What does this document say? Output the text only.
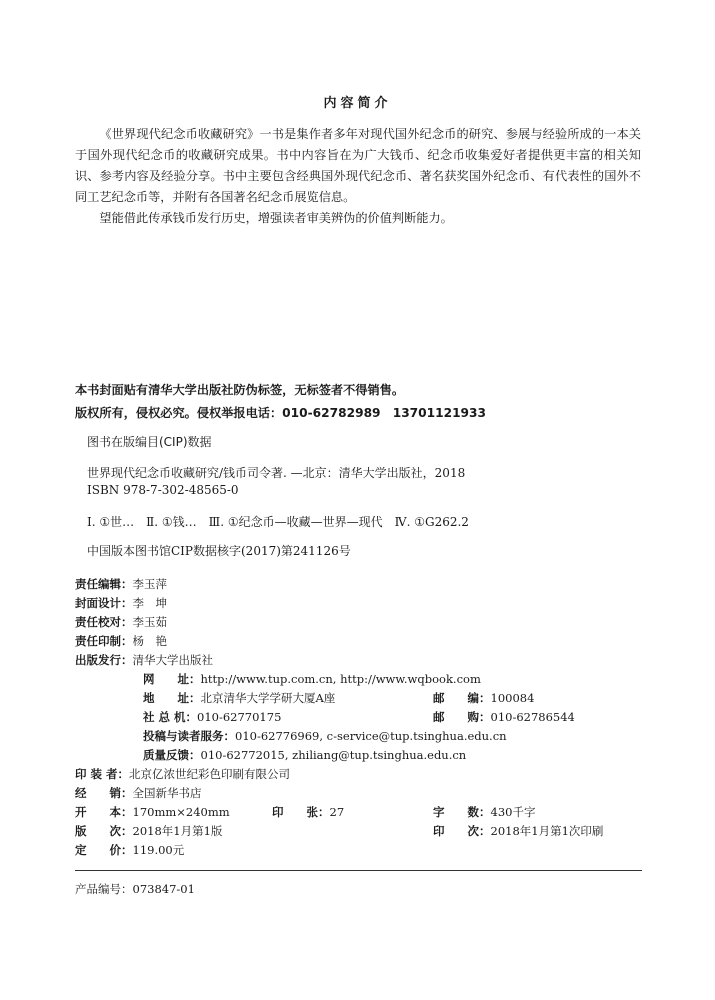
内容简介

《世界现代纪念币收藏研究》一书是集作者多年对现代国外纪念币的研究、参展与经验所成的一本关于国外现代纪念币的收藏研究成果。书中内容旨在为广大钱币、纪念币收集爱好者提供更丰富的相关知识、参考内容及经验分享。书中主要包含经典国外现代纪念币、著名获奖国外纪念币、有代表性的国外不同工艺纪念币等，并附有各国著名纪念币展览信息。

望能借此传承钱币发行历史，增强读者审美辨伪的价值判断能力。

本书封面贴有清华大学出版社防伪标签，无标签者不得销售。
版权所有，侵权必究。侵权举报电话：010-62782989　13701121933
图书在版编目(CIP)数据
世界现代纪念币收藏研究/钱币司令著. —北京：清华大学出版社，2018
ISBN 978-7-302-48565-0
Ⅰ. ①世…　Ⅱ. ①钱…　Ⅲ. ①纪念币—收藏—世界—现代　Ⅳ. ①G262.2
中国版本图书馆CIP数据核字(2017)第241126号
责任编辑：李玉萍
封面设计：李　坤
责任校对：李玉茹
责任印制：杨　艳
出版发行：清华大学出版社
网　　址：http://www.tup.com.cn, http://www.wqbook.com
地　　址：北京清华大学学研大厦A座	邮　　编：100084
社 总 机：010-62770175	邮　　购：010-62786544
投稿与读者服务：010-62776969, c-service@tup.tsinghua.edu.cn
质量反馈：010-62772015, zhiliang@tup.tsinghua.edu.cn
印 装 者：北京亿浓世纪彩色印刷有限公司
经　　销：全国新华书店
开　　本：170mm×240mm	印　　张：27	字　　数：430千字
版　　次：2018年1月第1版	印　　次：2018年1月第1次印刷
定　　价：119.00元
产品编号：073847-01
